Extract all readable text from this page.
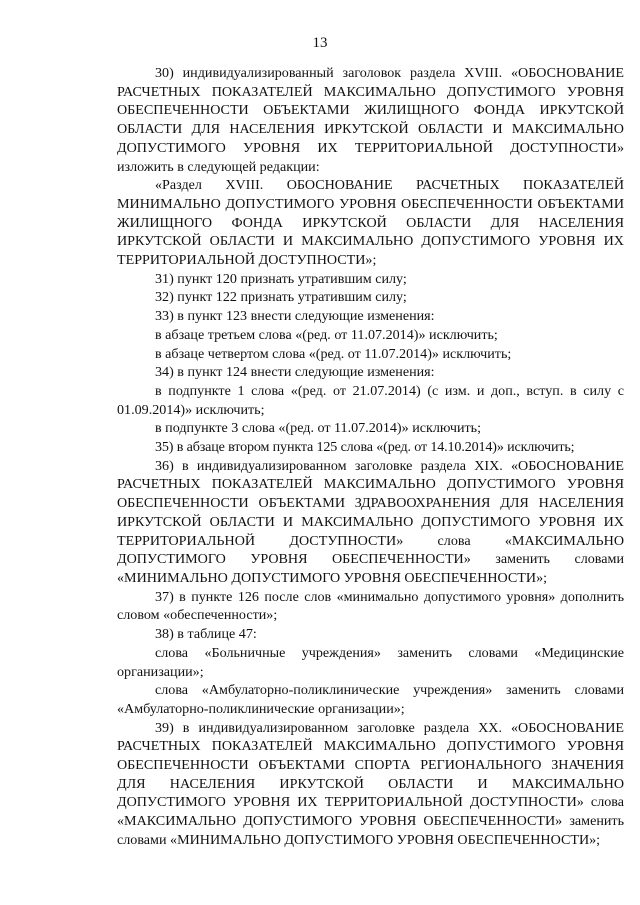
13

30) индивидуализированный заголовок раздела XVIII. «ОБОСНОВАНИЕ РАСЧЕТНЫХ ПОКАЗАТЕЛЕЙ МАКСИМАЛЬНО ДОПУСТИМОГО УРОВНЯ ОБЕСПЕЧЕННОСТИ ОБЪЕКТАМИ ЖИЛИЩНОГО ФОНДА ИРКУТСКОЙ ОБЛАСТИ ДЛЯ НАСЕЛЕНИЯ ИРКУТСКОЙ ОБЛАСТИ И МАКСИМАЛЬНО ДОПУСТИМОГО УРОВНЯ ИХ ТЕРРИТОРИАЛЬНОЙ ДОСТУПНОСТИ» изложить в следующей редакции:

«Раздел XVIII. ОБОСНОВАНИЕ РАСЧЕТНЫХ ПОКАЗАТЕЛЕЙ МИНИМАЛЬНО ДОПУСТИМОГО УРОВНЯ ОБЕСПЕЧЕННОСТИ ОБЪЕКТАМИ ЖИЛИЩНОГО ФОНДА ИРКУТСКОЙ ОБЛАСТИ ДЛЯ НАСЕЛЕНИЯ ИРКУТСКОЙ ОБЛАСТИ И МАКСИМАЛЬНО ДОПУСТИМОГО УРОВНЯ ИХ ТЕРРИТОРИАЛЬНОЙ ДОСТУПНОСТИ»;

31) пункт 120 признать утратившим силу;

32) пункт 122 признать утратившим силу;

33) в пункт 123 внести следующие изменения:

в абзаце третьем слова «(ред. от 11.07.2014)» исключить;

в абзаце четвертом слова «(ред. от 11.07.2014)» исключить;

34) в пункт 124 внести следующие изменения:

в подпункте 1 слова «(ред. от 21.07.2014) (с изм. и доп., вступ. в силу с 01.09.2014)» исключить;

в подпункте 3 слова «(ред. от 11.07.2014)» исключить;

35) в абзаце втором пункта 125 слова «(ред. от 14.10.2014)» исключить;

36) в индивидуализированном заголовке раздела XIX. «ОБОСНОВАНИЕ РАСЧЕТНЫХ ПОКАЗАТЕЛЕЙ МАКСИМАЛЬНО ДОПУСТИМОГО УРОВНЯ ОБЕСПЕЧЕННОСТИ ОБЪЕКТАМИ ЗДРАВООХРАНЕНИЯ ДЛЯ НАСЕЛЕНИЯ ИРКУТСКОЙ ОБЛАСТИ И МАКСИМАЛЬНО ДОПУСТИМОГО УРОВНЯ ИХ ТЕРРИТОРИАЛЬНОЙ ДОСТУПНОСТИ» слова «МАКСИМАЛЬНО ДОПУСТИМОГО УРОВНЯ ОБЕСПЕЧЕННОСТИ» заменить словами «МИНИМАЛЬНО ДОПУСТИМОГО УРОВНЯ ОБЕСПЕЧЕННОСТИ»;

37) в пункте 126 после слов «минимально допустимого уровня» дополнить словом «обеспеченности»;

38) в таблице 47:

слова «Больничные учреждения» заменить словами «Медицинские организации»;

слова «Амбулаторно-поликлинические учреждения» заменить словами «Амбулаторно-поликлинические организации»;

39) в индивидуализированном заголовке раздела XX. «ОБОСНОВАНИЕ РАСЧЕТНЫХ ПОКАЗАТЕЛЕЙ МАКСИМАЛЬНО ДОПУСТИМОГО УРОВНЯ ОБЕСПЕЧЕННОСТИ ОБЪЕКТАМИ СПОРТА РЕГИОНАЛЬНОГО ЗНАЧЕНИЯ ДЛЯ НАСЕЛЕНИЯ ИРКУТСКОЙ ОБЛАСТИ И МАКСИМАЛЬНО ДОПУСТИМОГО УРОВНЯ ИХ ТЕРРИТОРИАЛЬНОЙ ДОСТУПНОСТИ» слова «МАКСИМАЛЬНО ДОПУСТИМОГО УРОВНЯ ОБЕСПЕЧЕННОСТИ» заменить словами «МИНИМАЛЬНО ДОПУСТИМОГО УРОВНЯ ОБЕСПЕЧЕННОСТИ»;
